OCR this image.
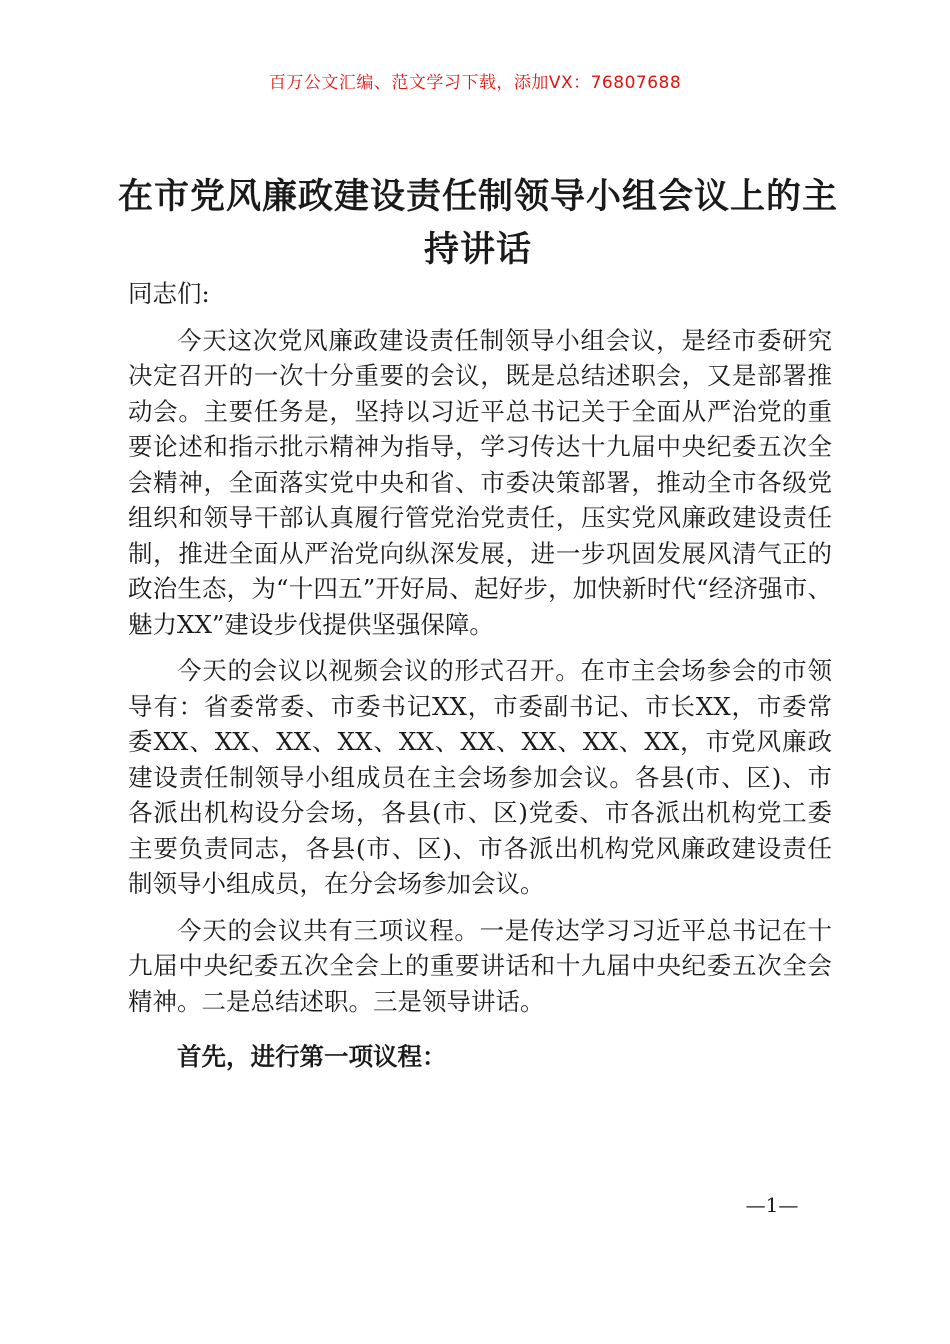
百万公文汇编、范文学习下载，添加VX：76807688
在市党风廉政建设责任制领导小组会议上的主持讲话

同志们:

今天这次党风廉政建设责任制领导小组会议，是经市委研究决定召开的一次十分重要的会议，既是总结述职会，又是部署推动会。主要任务是，坚持以习近平总书记关于全面从严治党的重要论述和指示批示精神为指导，学习传达十九届中央纪委五次全会精神，全面落实党中央和省、市委决策部署，推动全市各级党组织和领导干部认真履行管党治党责任，压实党风廉政建设责任制，推进全面从严治党向纵深发展，进一步巩固发展风清气正的政治生态，为“十四五”开好局、起好步，加快新时代“经济强市、魅力XX”建设步伐提供坚强保障。

今天的会议以视频会议的形式召开。在市主会场参会的市领导有：省委常委、市委书记XX，市委副书记、市长XX，市委常委XX、XX、XX、XX、XX、XX、XX、XX、XX，市党风廉政建设责任制领导小组成员在主会场参加会议。各县(市、区)、市各派出机构设分会场，各县(市、区)党委、市各派出机构党工委主要负责同志，各县(市、区)、市各派出机构党风廉政建设责任制领导小组成员，在分会场参加会议。

今天的会议共有三项议程。一是传达学习习近平总书记在十九届中央纪委五次全会上的重要讲话和十九届中央纪委五次全会精神。二是总结述职。三是领导讲话。

首先，进行第一项议程：

—1—
